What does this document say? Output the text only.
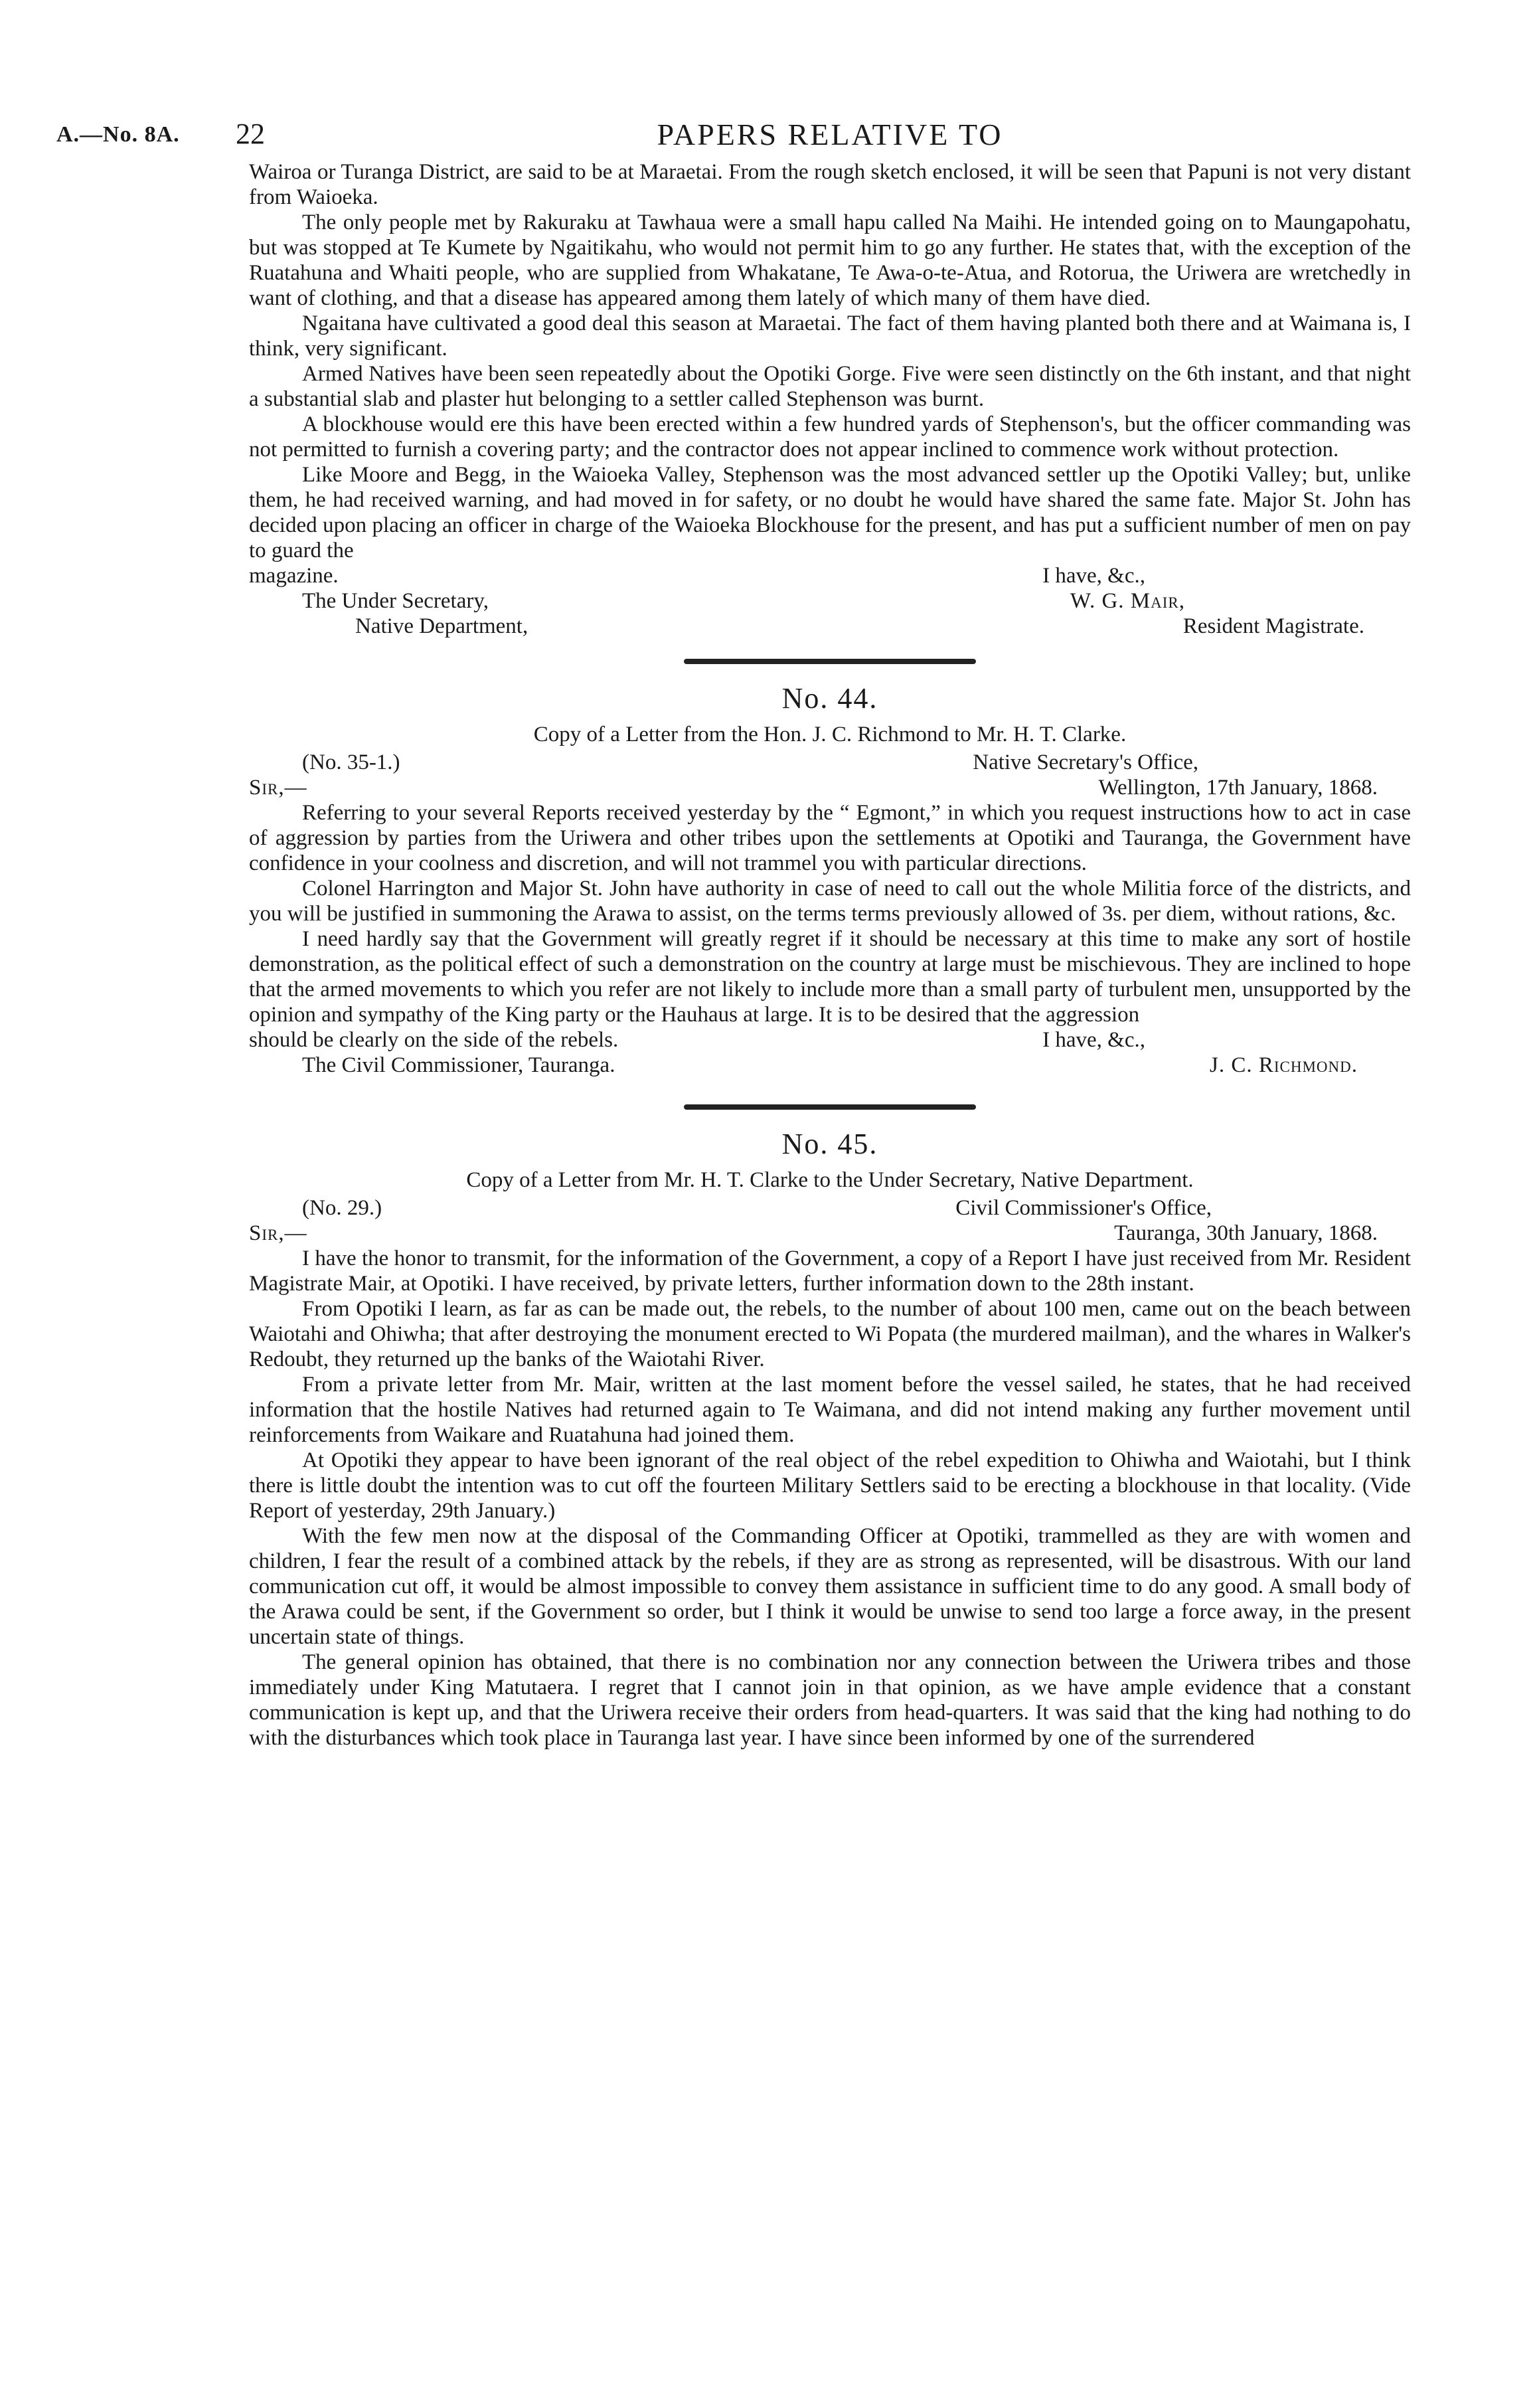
A.—No. 8A. 22	PAPERS RELATIVE TO

Wairoa or Turanga District, are said to be at Maraetai. From the rough sketch enclosed, it will be seen that Papuni is not very distant from Waioeka.

The only people met by Rakuraku at Tawhaua were a small hapu called Na Maihi. He intended going on to Maungapohatu, but was stopped at Te Kumete by Ngaitikahu, who would not permit him to go any further. He states that, with the exception of the Ruatahuna and Whaiti people, who are supplied from Whakatane, Te Awa-o-te-Atua, and Rotorua, the Uriwera are wretchedly in want of clothing, and that a disease has appeared among them lately of which many of them have died.

Ngaitana have cultivated a good deal this season at Maraetai. The fact of them having planted both there and at Waimana is, I think, very significant.

Armed Natives have been seen repeatedly about the Opotiki Gorge. Five were seen distinctly on the 6th instant, and that night a substantial slab and plaster hut belonging to a settler called Stephenson was burnt.

A blockhouse would ere this have been erected within a few hundred yards of Stephenson's, but the officer commanding was not permitted to furnish a covering party; and the contractor does not appear inclined to commence work without protection.

Like Moore and Begg, in the Waioeka Valley, Stephenson was the most advanced settler up the Opotiki Valley; but, unlike them, he had received warning, and had moved in for safety, or no doubt he would have shared the same fate. Major St. John has decided upon placing an officer in charge of the Waioeka Blockhouse for the present, and has put a sufficient number of men on pay to guard the

magazine.	I have, &c.,
The Under Secretary,	W. G. Mair,
Native Department,	Resident Magistrate.
No. 44.
Copy of a Letter from the Hon. J. C. Richmond to Mr. H. T. Clarke.
(No. 35-1.)	Native Secretary's Office,
Sir,—	Wellington, 17th January, 1868.

Referring to your several Reports received yesterday by the “ Egmont,” in which you request instructions how to act in case of aggression by parties from the Uriwera and other tribes upon the settlements at Opotiki and Tauranga, the Government have confidence in your coolness and discretion, and will not trammel you with particular directions.

Colonel Harrington and Major St. John have authority in case of need to call out the whole Militia force of the districts, and you will be justified in summoning the Arawa to assist, on the terms terms previously allowed of 3s. per diem, without rations, &c.

I need hardly say that the Government will greatly regret if it should be necessary at this time to make any sort of hostile demonstration, as the political effect of such a demonstration on the country at large must be mischievous. They are inclined to hope that the armed movements to which you refer are not likely to include more than a small party of turbulent men, unsupported by the opinion and sympathy of the King party or the Hauhaus at large. It is to be desired that the aggression

should be clearly on the side of the rebels.	I have, &c.,
The Civil Commissioner, Tauranga.	J. C. Richmond.
No. 45.
Copy of a Letter from Mr. H. T. Clarke to the Under Secretary, Native Department.
(No. 29.)	Civil Commissioner's Office,
Sir,—	Tauranga, 30th January, 1868.

I have the honor to transmit, for the information of the Government, a copy of a Report I have just received from Mr. Resident Magistrate Mair, at Opotiki. I have received, by private letters, further information down to the 28th instant.

From Opotiki I learn, as far as can be made out, the rebels, to the number of about 100 men, came out on the beach between Waiotahi and Ohiwha; that after destroying the monument erected to Wi Popata (the murdered mailman), and the whares in Walker's Redoubt, they returned up the banks of the Waiotahi River.

From a private letter from Mr. Mair, written at the last moment before the vessel sailed, he states, that he had received information that the hostile Natives had returned again to Te Waimana, and did not intend making any further movement until reinforcements from Waikare and Ruatahuna had joined them.

At Opotiki they appear to have been ignorant of the real object of the rebel expedition to Ohiwha and Waiotahi, but I think there is little doubt the intention was to cut off the fourteen Military Settlers said to be erecting a blockhouse in that locality. (Vide Report of yesterday, 29th January.)

With the few men now at the disposal of the Commanding Officer at Opotiki, trammelled as they are with women and children, I fear the result of a combined attack by the rebels, if they are as strong as represented, will be disastrous. With our land communication cut off, it would be almost impossible to convey them assistance in sufficient time to do any good. A small body of the Arawa could be sent, if the Government so order, but I think it would be unwise to send too large a force away, in the present uncertain state of things.

The general opinion has obtained, that there is no combination nor any connection between the Uriwera tribes and those immediately under King Matutaera. I regret that I cannot join in that opinion, as we have ample evidence that a constant communication is kept up, and that the Uriwera receive their orders from head-quarters. It was said that the king had nothing to do with the disturbances which took place in Tauranga last year. I have since been informed by one of the surrendered
